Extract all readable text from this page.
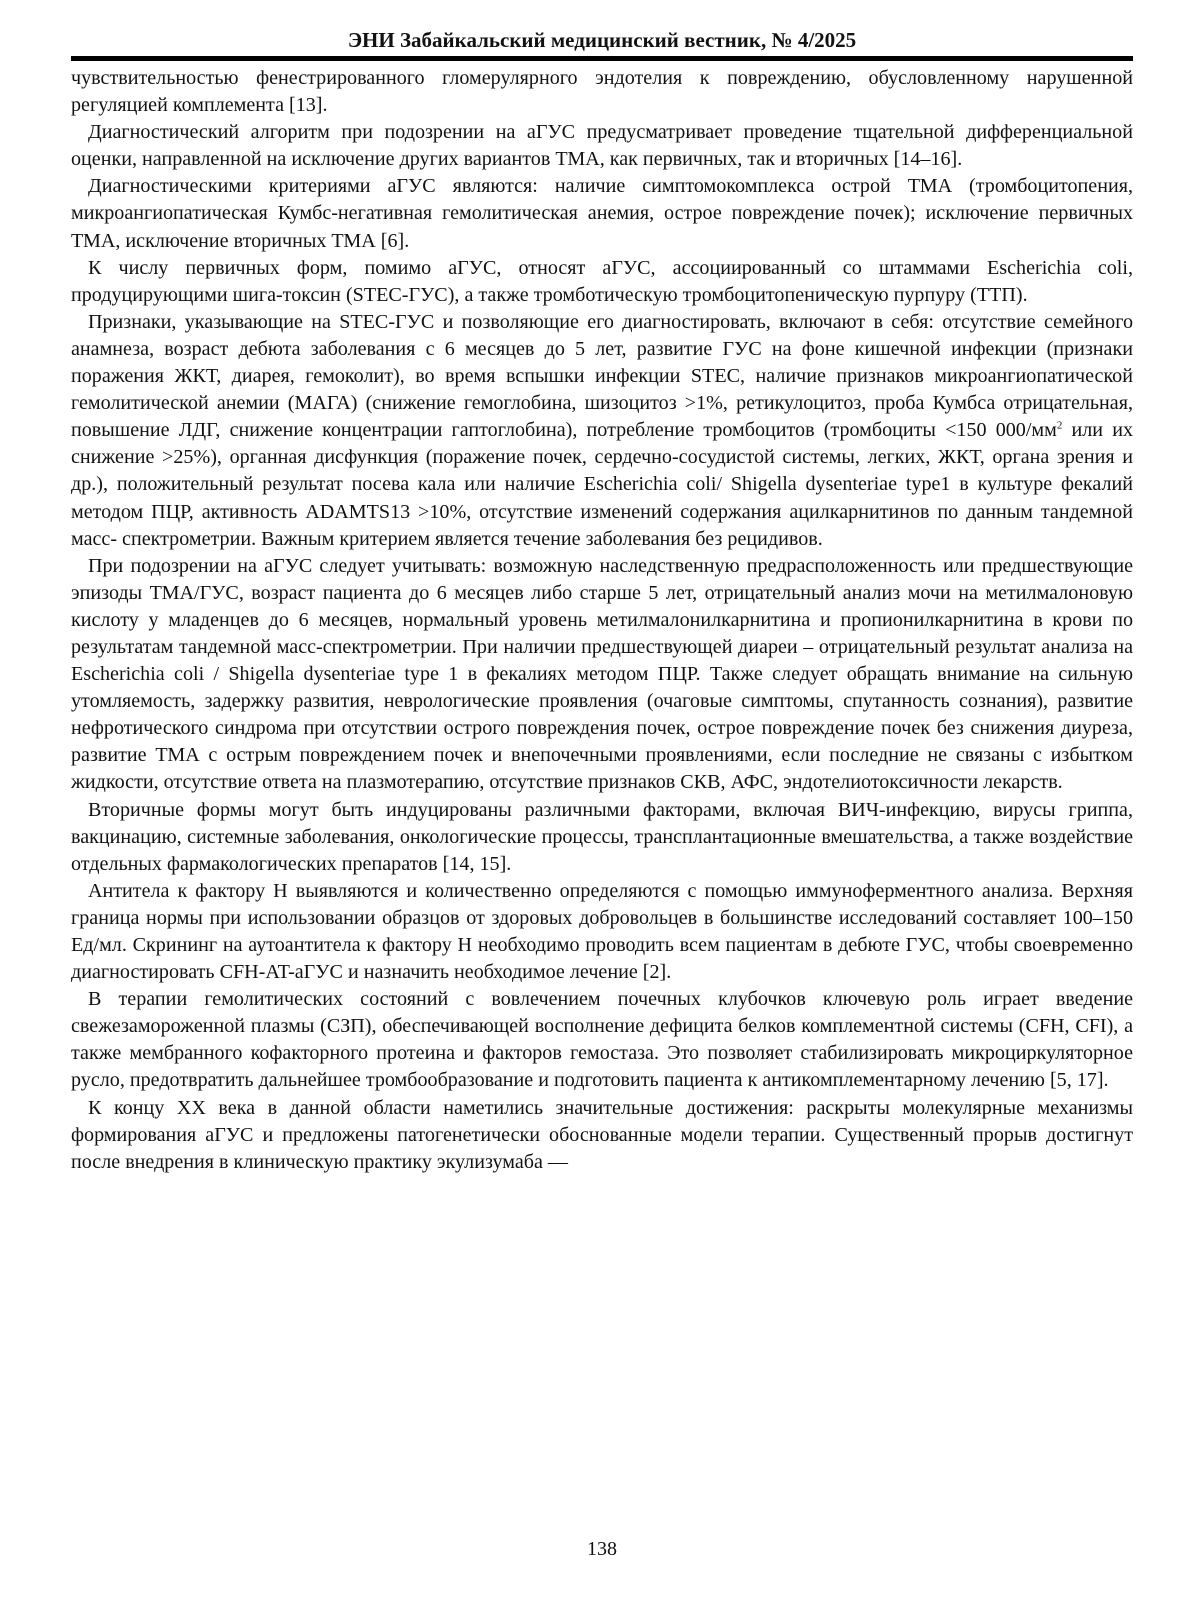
ЭНИ Забайкальский медицинский вестник, № 4/2025

чувствительностью фенестрированного гломерулярного эндотелия к повреждению, обусловленному нарушенной регуляцией комплемента [13].

Диагностический алгоритм при подозрении на аГУС предусматривает проведение тщательной дифференциальной оценки, направленной на исключение других вариантов ТМА, как первичных, так и вторичных [14–16].

Диагностическими критериями аГУС являются: наличие симптомокомплекса острой ТМА (тромбоцитопения, микроангиопатическая Кумбс-негативная гемолитическая анемия, острое повреждение почек); исключение первичных ТМА, исключение вторичных ТМА [6].

К числу первичных форм, помимо аГУС, относят аГУС, ассоциированный со штаммами Escherichia coli, продуцирующими шига-токсин (STEC-ГУС), а также тромботическую тромбоцитопеническую пурпуру (ТТП).

Признаки, указывающие на STEC-ГУС и позволяющие его диагностировать, включают в себя: отсутствие семейного анамнеза, возраст дебюта заболевания с 6 месяцев до 5 лет, развитие ГУС на фоне кишечной инфекции (признаки поражения ЖКТ, диарея, гемоколит), во время вспышки инфекции STEC, наличие признаков микроангиопатической гемолитической анемии (МАГА) (снижение гемоглобина, шизоцитоз >1%, ретикулоцитоз, проба Кумбса отрицательная, повышение ЛДГ, снижение концентрации гаптоглобина), потребление тромбоцитов (тромбоциты <150 $000/мм^2$ или их снижение >25%), органная дисфункция (поражение почек, сердечно-сосудистой системы, легких, ЖКТ, органа зрения и др.), положительный результат посева кала или наличие Escherichia coli/ Shigella dysenteriae type1 в культуре фекалий методом ПЦР, активность ADAMTS13 >10%, отсутствие изменений содержания ацилкарнитинов по данным тандемной масс- спектрометрии. Важным критерием является течение заболевания без рецидивов.

При подозрении на аГУС следует учитывать: возможную наследственную предрасположенность или предшествующие эпизоды ТМА/ГУС, возраст пациента до 6 месяцев либо старше 5 лет, отрицательный анализ мочи на метилмалоновую кислоту у младенцев до 6 месяцев, нормальный уровень метилмалонилкарнитина и пропионилкарнитина в крови по результатам тандемной масс-спектрометрии. При наличии предшествующей диареи – отрицательный результат анализа на Escherichia coli / Shigella dysenteriae type 1 в фекалиях методом ПЦР. Также следует обращать внимание на сильную утомляемость, задержку развития, неврологические проявления (очаговые симптомы, спутанность сознания), развитие нефротического синдрома при отсутствии острого повреждения почек, острое повреждение почек без снижения диуреза, развитие ТМА с острым повреждением почек и внепочечными проявлениями, если последние не связаны с избытком жидкости, отсутствие ответа на плазмотерапию, отсутствие признаков СКВ, АФС, эндотелиотоксичности лекарств.

Вторичные формы могут быть индуцированы различными факторами, включая ВИЧ-инфекцию, вирусы гриппа, вакцинацию, системные заболевания, онкологические процессы, трансплантационные вмешательства, а также воздействие отдельных фармакологических препаратов [14, 15].

Антитела к фактору Н выявляются и количественно определяются с помощью иммуноферментного анализа. Верхняя граница нормы при использовании образцов от здоровых добровольцев в большинстве исследований составляет 100–150 Ед/мл. Скрининг на аутоантитела к фактору Н необходимо проводить всем пациентам в дебюте ГУС, чтобы своевременно диагностировать CFH-AT-аГУС и назначить необходимое лечение [2].

В терапии гемолитических состояний с вовлечением почечных клубочков ключевую роль играет введение свежезамороженной плазмы (СЗП), обеспечивающей восполнение дефицита белков комплементной системы (CFH, CFI), а также мембранного кофакторного протеина и факторов гемостаза. Это позволяет стабилизировать микроциркуляторное русло, предотвратить дальнейшее тромбообразование и подготовить пациента к антикомплементарному лечению [5, 17].

К концу XX века в данной области наметились значительные достижения: раскрыты молекулярные механизмы формирования аГУС и предложены патогенетически обоснованные модели терапии. Существенный прорыв достигнут после внедрения в клиническую практику экулизумаба —

138
